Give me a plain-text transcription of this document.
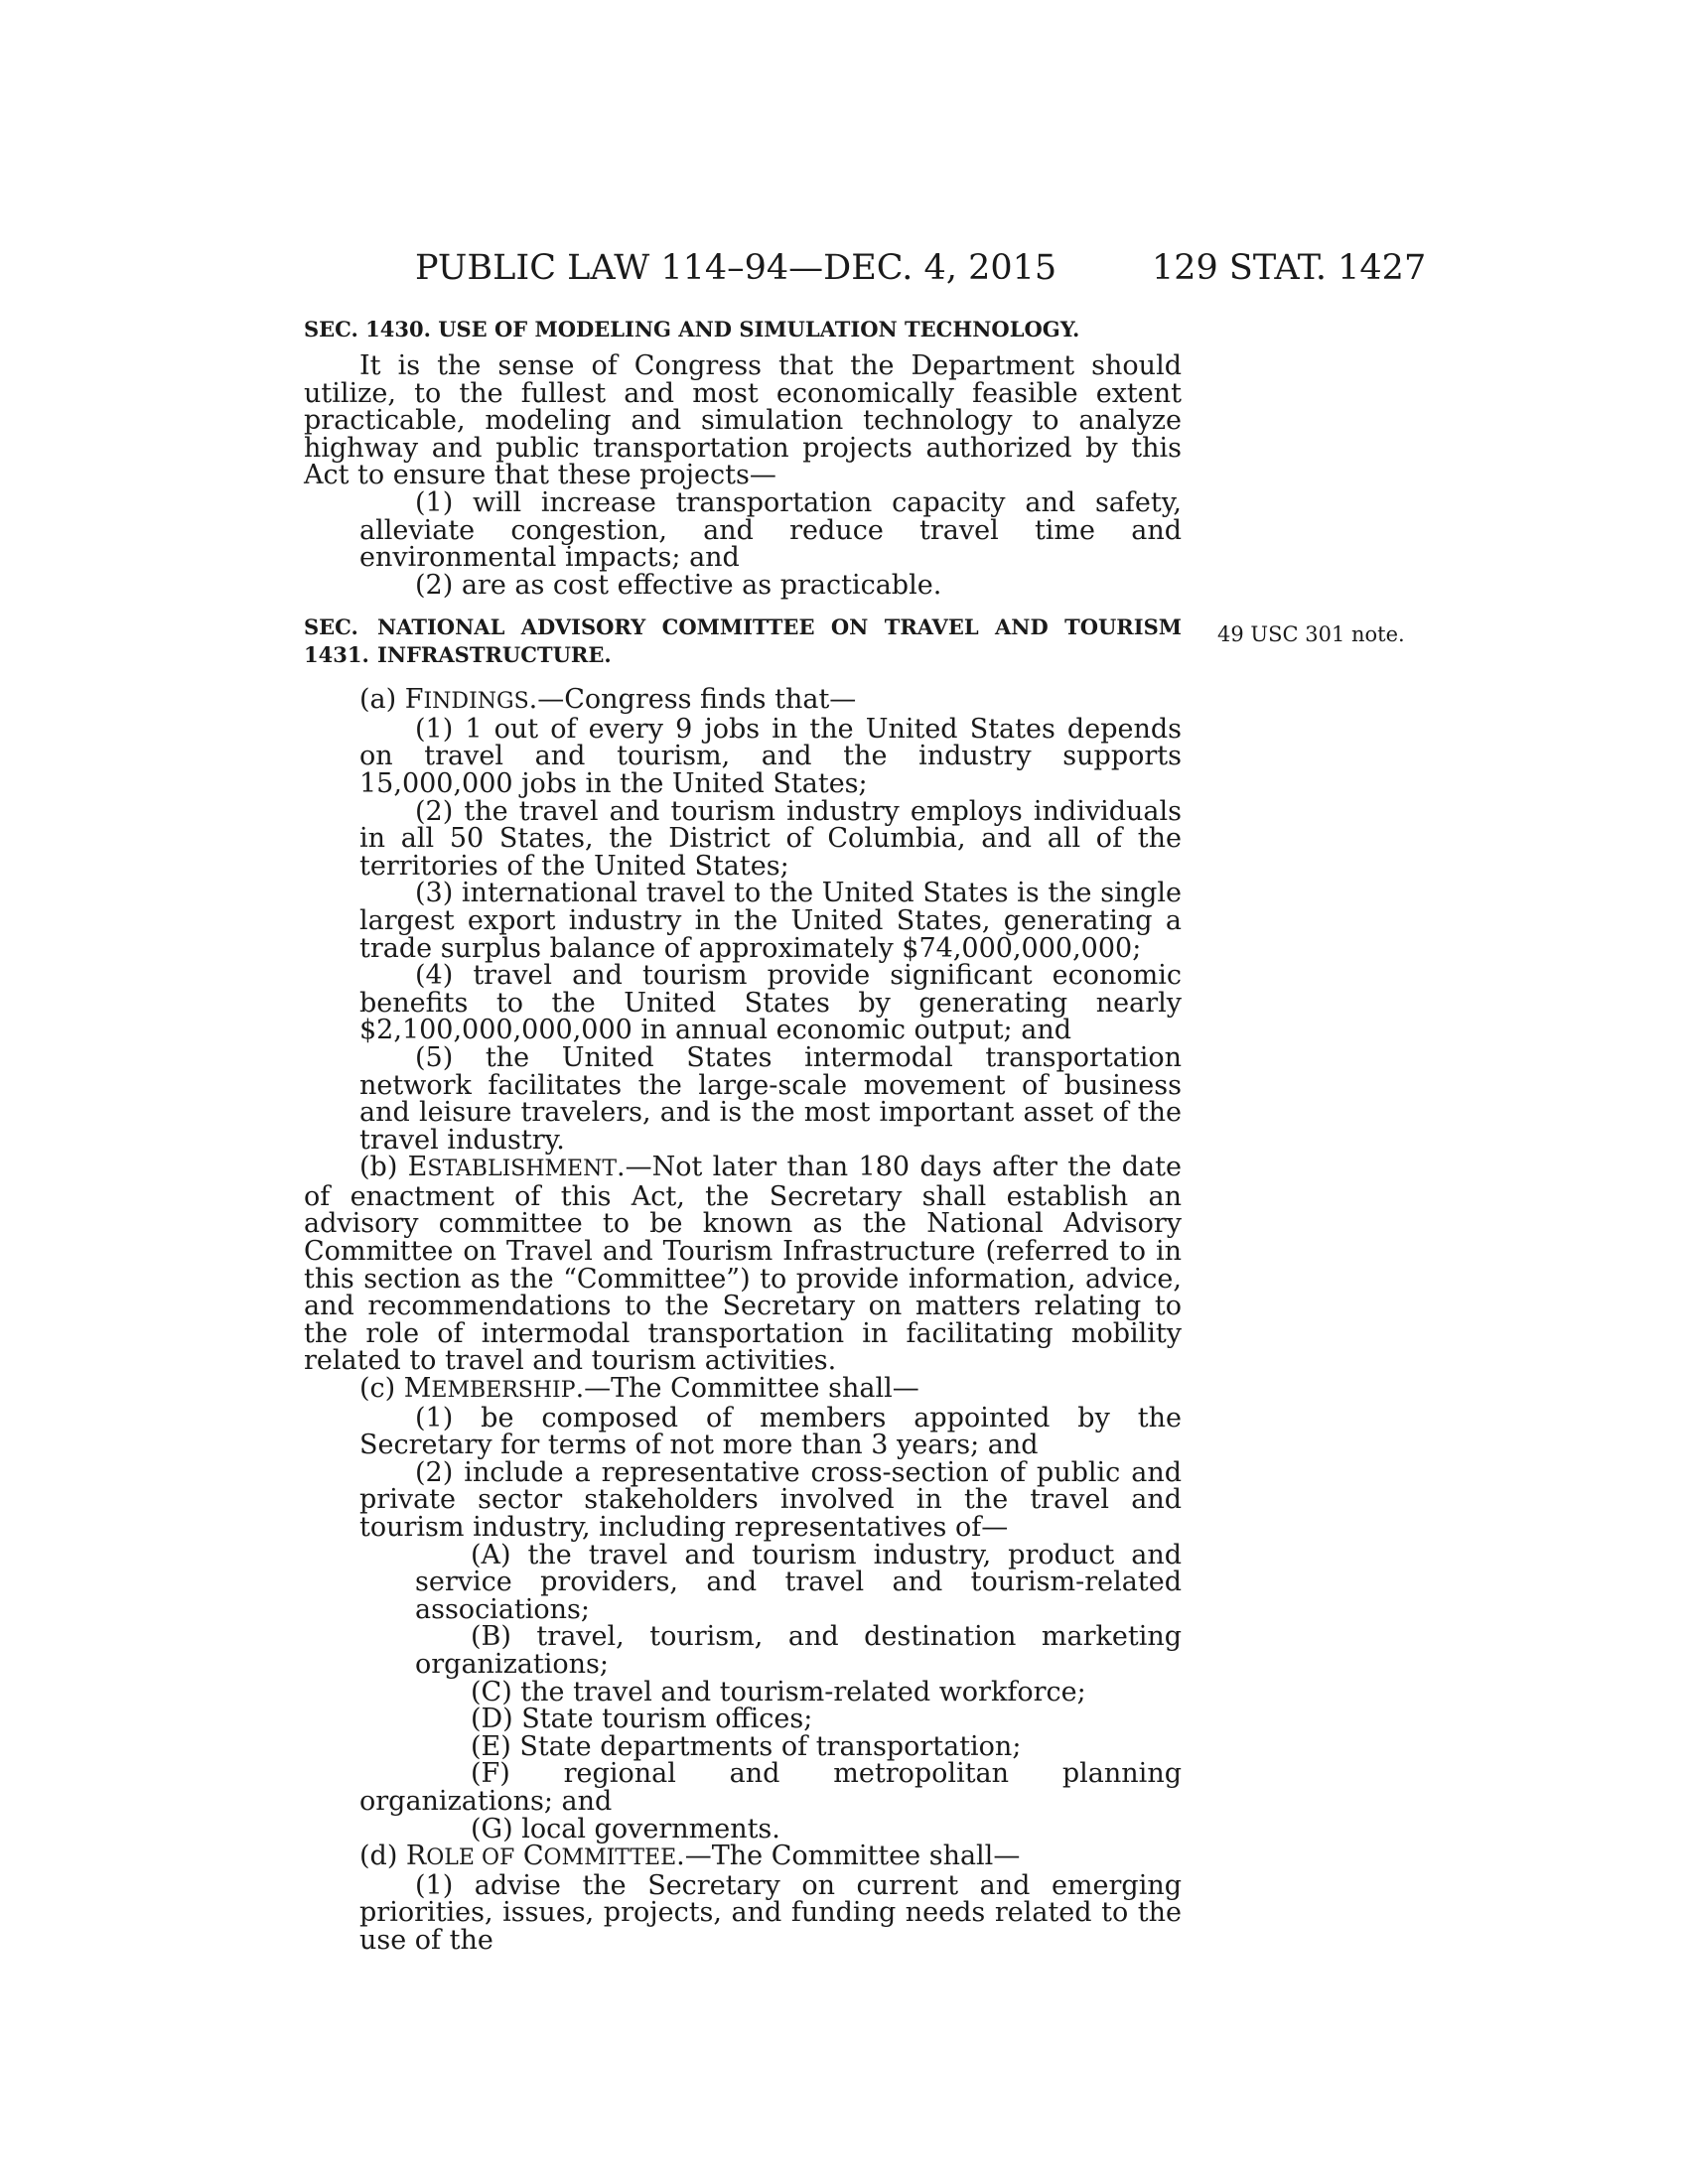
PUBLIC LAW 114–94—DEC. 4, 2015	129 STAT. 1427
49 USC 301 note.

SEC. 1430. USE OF MODELING AND SIMULATION TECHNOLOGY.

It is the sense of Congress that the Department should utilize, to the fullest and most economically feasible extent practicable, modeling and simulation technology to analyze highway and public transportation projects authorized by this Act to ensure that these projects—

(1) will increase transportation capacity and safety, alleviate congestion, and reduce travel time and environmental impacts; and

(2) are as cost effective as practicable.

SEC. 1431.
NATIONAL ADVISORY COMMITTEE ON TRAVEL AND TOURISM INFRASTRUCTURE.

(a) FINDINGS.—Congress finds that—

(1) 1 out of every 9 jobs in the United States depends on travel and tourism, and the industry supports 15,000,000 jobs in the United States;

(2) the travel and tourism industry employs individuals in all 50 States, the District of Columbia, and all of the territories of the United States;

(3) international travel to the United States is the single largest export industry in the United States, generating a trade surplus balance of approximately $74,000,000,000;

(4) travel and tourism provide significant economic benefits to the United States by generating nearly $2,100,000,000,000 in annual economic output; and

(5) the United States intermodal transportation network facilitates the large-scale movement of business and leisure travelers, and is the most important asset of the travel industry.

(b) ESTABLISHMENT.—Not later than 180 days after the date of enactment of this Act, the Secretary shall establish an advisory committee to be known as the National Advisory Committee on Travel and Tourism Infrastructure (referred to in this section as the “Committee”) to provide information, advice, and recommendations to the Secretary on matters relating to the role of intermodal transportation in facilitating mobility related to travel and tourism activities.

(c) MEMBERSHIP.—The Committee shall—

(1) be composed of members appointed by the Secretary for terms of not more than 3 years; and

(2) include a representative cross-section of public and private sector stakeholders involved in the travel and tourism industry, including representatives of—

(A) the travel and tourism industry, product and service providers, and travel and tourism-related associations;

(B) travel, tourism, and destination marketing organizations;

(C) the travel and tourism-related workforce;

(D) State tourism offices;

(E) State departments of transportation;

(F) regional and metropolitan planning organizations; and

(G) local governments.

(d) ROLE OF COMMITTEE.—The Committee shall—

(1) advise the Secretary on current and emerging priorities, issues, projects, and funding needs related to the use of the
